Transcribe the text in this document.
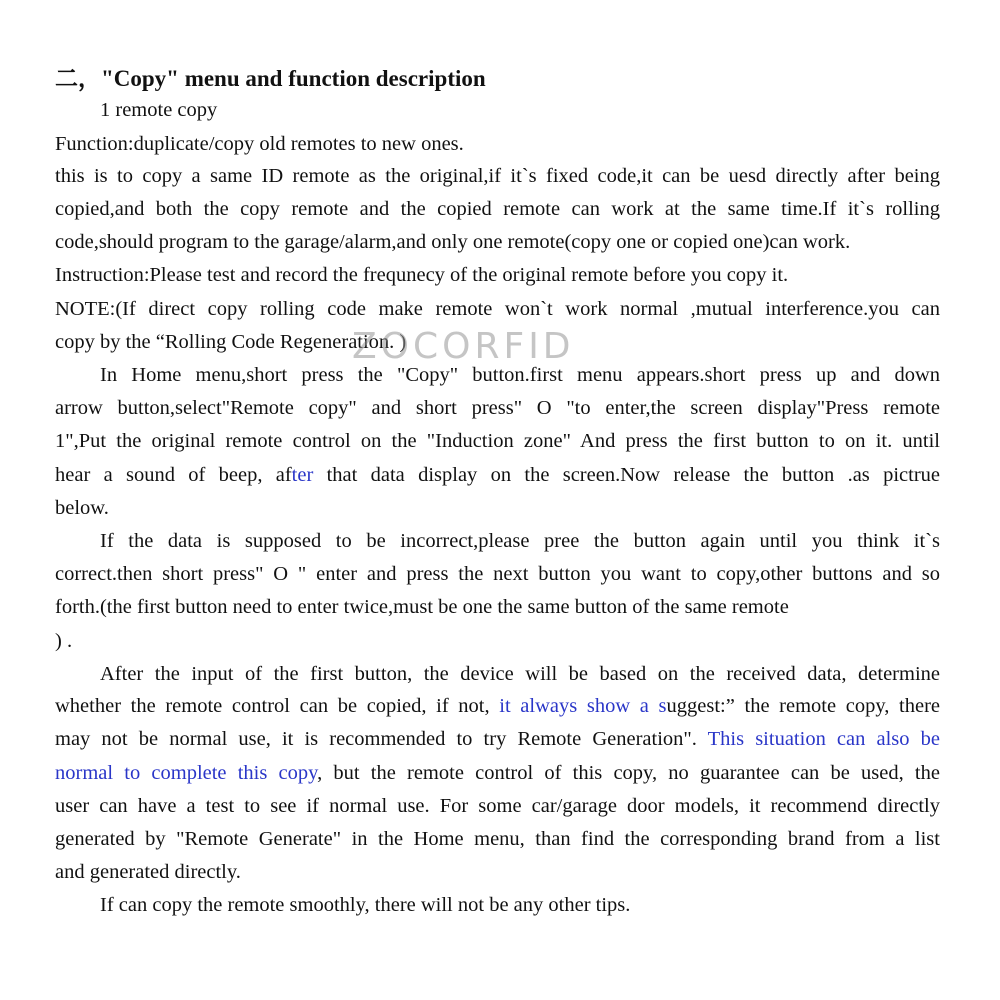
二，"Copy" menu and function description
1 remote copy
Function:duplicate/copy old remotes to new ones.
this is to copy a same ID remote as the original,if it`s fixed code,it can be uesd directly after being
copied,and both the copy remote and the copied remote can work at the same time.If it`s rolling
code,should program to the garage/alarm,and only one remote(copy one or copied one)can work.
Instruction:Please test and record the frequnecy of the original remote before you copy it.
NOTE:(If direct copy rolling code make remote won`t work normal ,mutual interference.you can
copy by the “Rolling Code Regeneration. )
ZOCORFID
In Home menu,short press the "Copy" button.first menu appears.short press up and down
arrow button,select"Remote copy" and short press" O "to enter,the screen display"Press remote
1",Put the original remote control on the "Induction zone" And press the first button to on it. until
hear a sound of beep, after that data display on the screen.Now release the button .as pictrue
below.
If the data is supposed to be incorrect,please pree the button again until you think it`s
correct.then short press" O " enter and press the next button you want to copy,other buttons and so
forth.(the first button need to enter twice,must be one the same button of the same remote
) .
After the input of the first button, the device will be based on the received data, determine
whether the remote control can be copied, if not, it always show a suggest:” the remote copy, there
may not be normal use, it is recommended to try Remote Generation". This situation can also be
normal to complete this copy, but the remote control of this copy, no guarantee can be used, the
user can have a test to see if normal use. For some car/garage door models, it recommend directly
generated by "Remote Generate" in the Home menu, than find the corresponding brand from a list
and generated directly.
If can copy the remote smoothly, there will not be any other tips.
